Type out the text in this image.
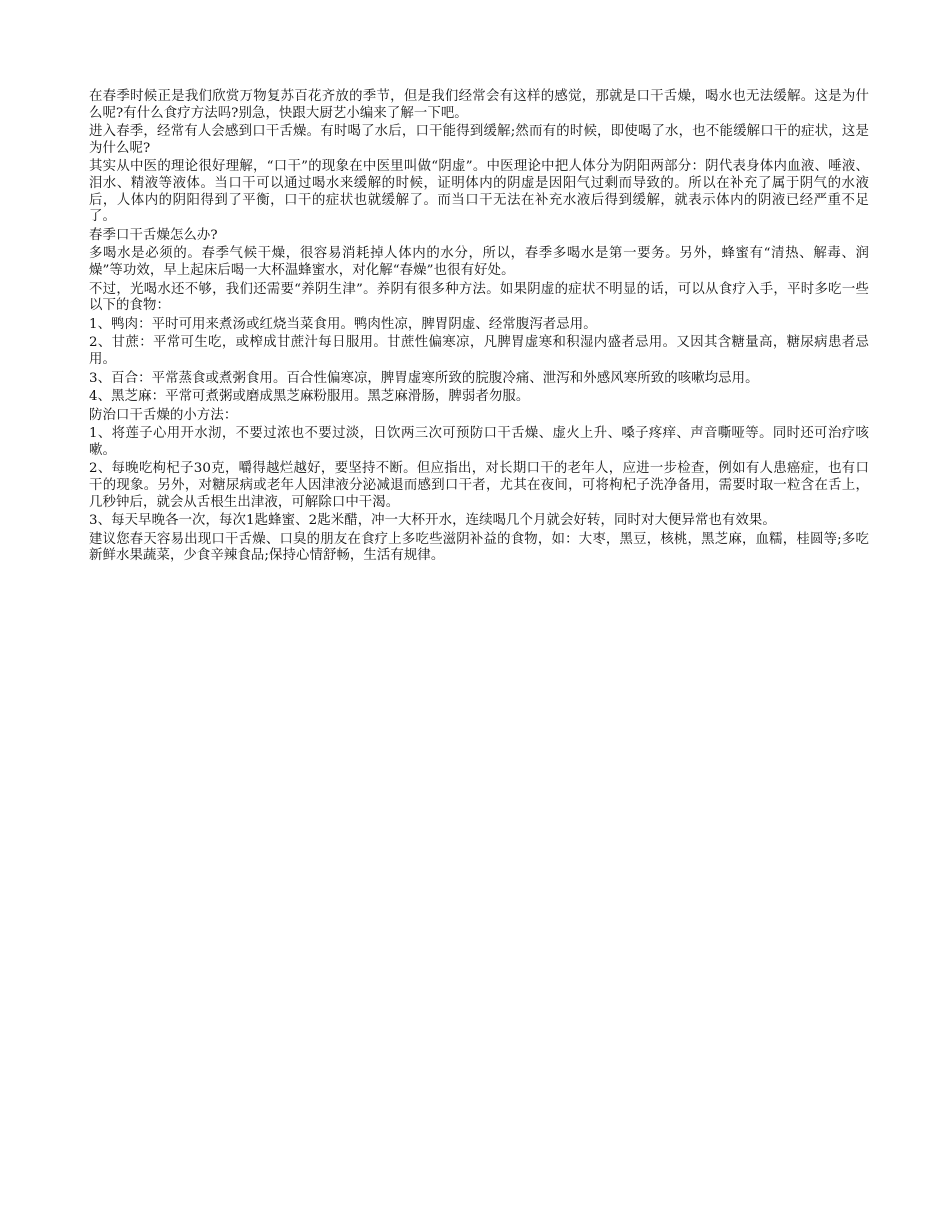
在春季时候正是我们欣赏万物复苏百花齐放的季节，但是我们经常会有这样的感觉，那就是口干舌燥，喝水也无法缓解。这是为什么呢?有什么食疗方法吗?别急，快跟大厨艺小编来了解一下吧。

进入春季，经常有人会感到口干舌燥。有时喝了水后，口干能得到缓解;然而有的时候，即使喝了水，也不能缓解口干的症状，这是为什么呢?

其实从中医的理论很好理解，“口干”的现象在中医里叫做“阴虚”。中医理论中把人体分为阴阳两部分：阴代表身体内血液、唾液、泪水、精液等液体。当口干可以通过喝水来缓解的时候，证明体内的阴虚是因阳气过剩而导致的。所以在补充了属于阴气的水液后，人体内的阴阳得到了平衡，口干的症状也就缓解了。而当口干无法在补充水液后得到缓解，就表示体内的阴液已经严重不足了。

春季口干舌燥怎么办?

多喝水是必须的。春季气候干燥，很容易消耗掉人体内的水分，所以，春季多喝水是第一要务。另外，蜂蜜有“清热、解毒、润燥”等功效，早上起床后喝一大杯温蜂蜜水，对化解“春燥”也很有好处。

不过，光喝水还不够，我们还需要“养阴生津”。养阴有很多种方法。如果阴虚的症状不明显的话，可以从食疗入手，平时多吃一些以下的食物：

1、鸭肉：平时可用来煮汤或红烧当菜食用。鸭肉性凉，脾胃阴虚、经常腹泻者忌用。

2、甘蔗：平常可生吃，或榨成甘蔗汁每日服用。甘蔗性偏寒凉，凡脾胃虚寒和积湿内盛者忌用。又因其含糖量高，糖尿病患者忌用。

3、百合：平常蒸食或煮粥食用。百合性偏寒凉，脾胃虚寒所致的脘腹冷痛、泄泻和外感风寒所致的咳嗽均忌用。

4、黑芝麻：平常可煮粥或磨成黑芝麻粉服用。黑芝麻滑肠，脾弱者勿服。

防治口干舌燥的小方法：

1、将莲子心用开水沏，不要过浓也不要过淡，日饮两三次可预防口干舌燥、虚火上升、嗓子疼痒、声音嘶哑等。同时还可治疗咳嗽。

2、每晚吃枸杞子30克，嚼得越烂越好，要坚持不断。但应指出，对长期口干的老年人，应进一步检查，例如有人患癌症，也有口干的现象。另外，对糖尿病或老年人因津液分泌减退而感到口干者，尤其在夜间，可将枸杞子洗净备用，需要时取一粒含在舌上，几秒钟后，就会从舌根生出津液，可解除口中干渴。

3、每天早晚各一次，每次1匙蜂蜜、2匙米醋，冲一大杯开水，连续喝几个月就会好转，同时对大便异常也有效果。

建议您春天容易出现口干舌燥、口臭的朋友在食疗上多吃些滋阴补益的食物，如：大枣，黑豆，核桃，黑芝麻，血糯，桂圆等;多吃新鲜水果蔬菜，少食辛辣食品;保持心情舒畅，生活有规律。
